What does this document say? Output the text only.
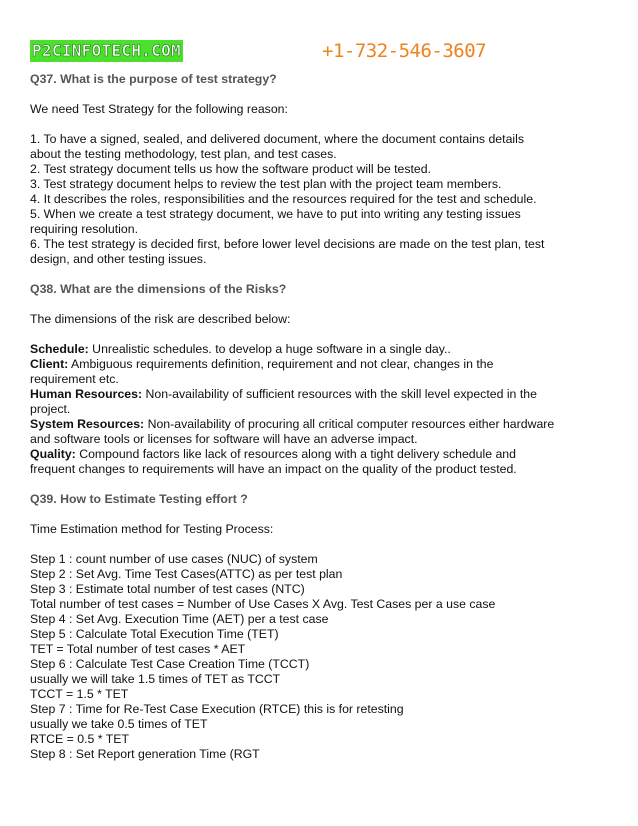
P2CINFOTECH.COM	+1-732-546-3607

Q37. What is the purpose of test strategy?

We need Test Strategy for the following reason:

1. To have a signed, sealed, and delivered document, where the document contains details

about the testing methodology, test plan, and test cases.

2. Test strategy document tells us how the software product will be tested.

3. Test strategy document helps to review the test plan with the project team members.

4. It describes the roles, responsibilities and the resources required for the test and schedule.

5. When we create a test strategy document, we have to put into writing any testing issues

requiring resolution.

6. The test strategy is decided first, before lower level decisions are made on the test plan, test

design, and other testing issues.

Q38. What are the dimensions of the Risks?

The dimensions of the risk are described below:

Schedule: Unrealistic schedules. to develop a huge software in a single day..

Client: Ambiguous requirements definition, requirement and not clear, changes in the

requirement etc.

Human Resources: Non-availability of sufficient resources with the skill level expected in the

project.

System Resources: Non-availability of procuring all critical computer resources either hardware

and software tools or licenses for software will have an adverse impact.

Quality: Compound factors like lack of resources along with a tight delivery schedule and

frequent changes to requirements will have an impact on the quality of the product tested.

Q39. How to Estimate Testing effort ?

Time Estimation method for Testing Process:

Step 1 : count number of use cases (NUC) of system

Step 2 : Set Avg. Time Test Cases(ATTC) as per test plan

Step 3 : Estimate total number of test cases (NTC)

Total number of test cases = Number of Use Cases X Avg. Test Cases per a use case

Step 4 : Set Avg. Execution Time (AET) per a test case

Step 5 : Calculate Total Execution Time (TET)

TET = Total number of test cases * AET

Step 6 : Calculate Test Case Creation Time (TCCT)

usually we will take 1.5 times of TET as TCCT

TCCT = 1.5 * TET

Step 7 : Time for Re-Test Case Execution (RTCE) this is for retesting

usually we take 0.5 times of TET

RTCE = 0.5 * TET

Step 8 : Set Report generation Time (RGT
